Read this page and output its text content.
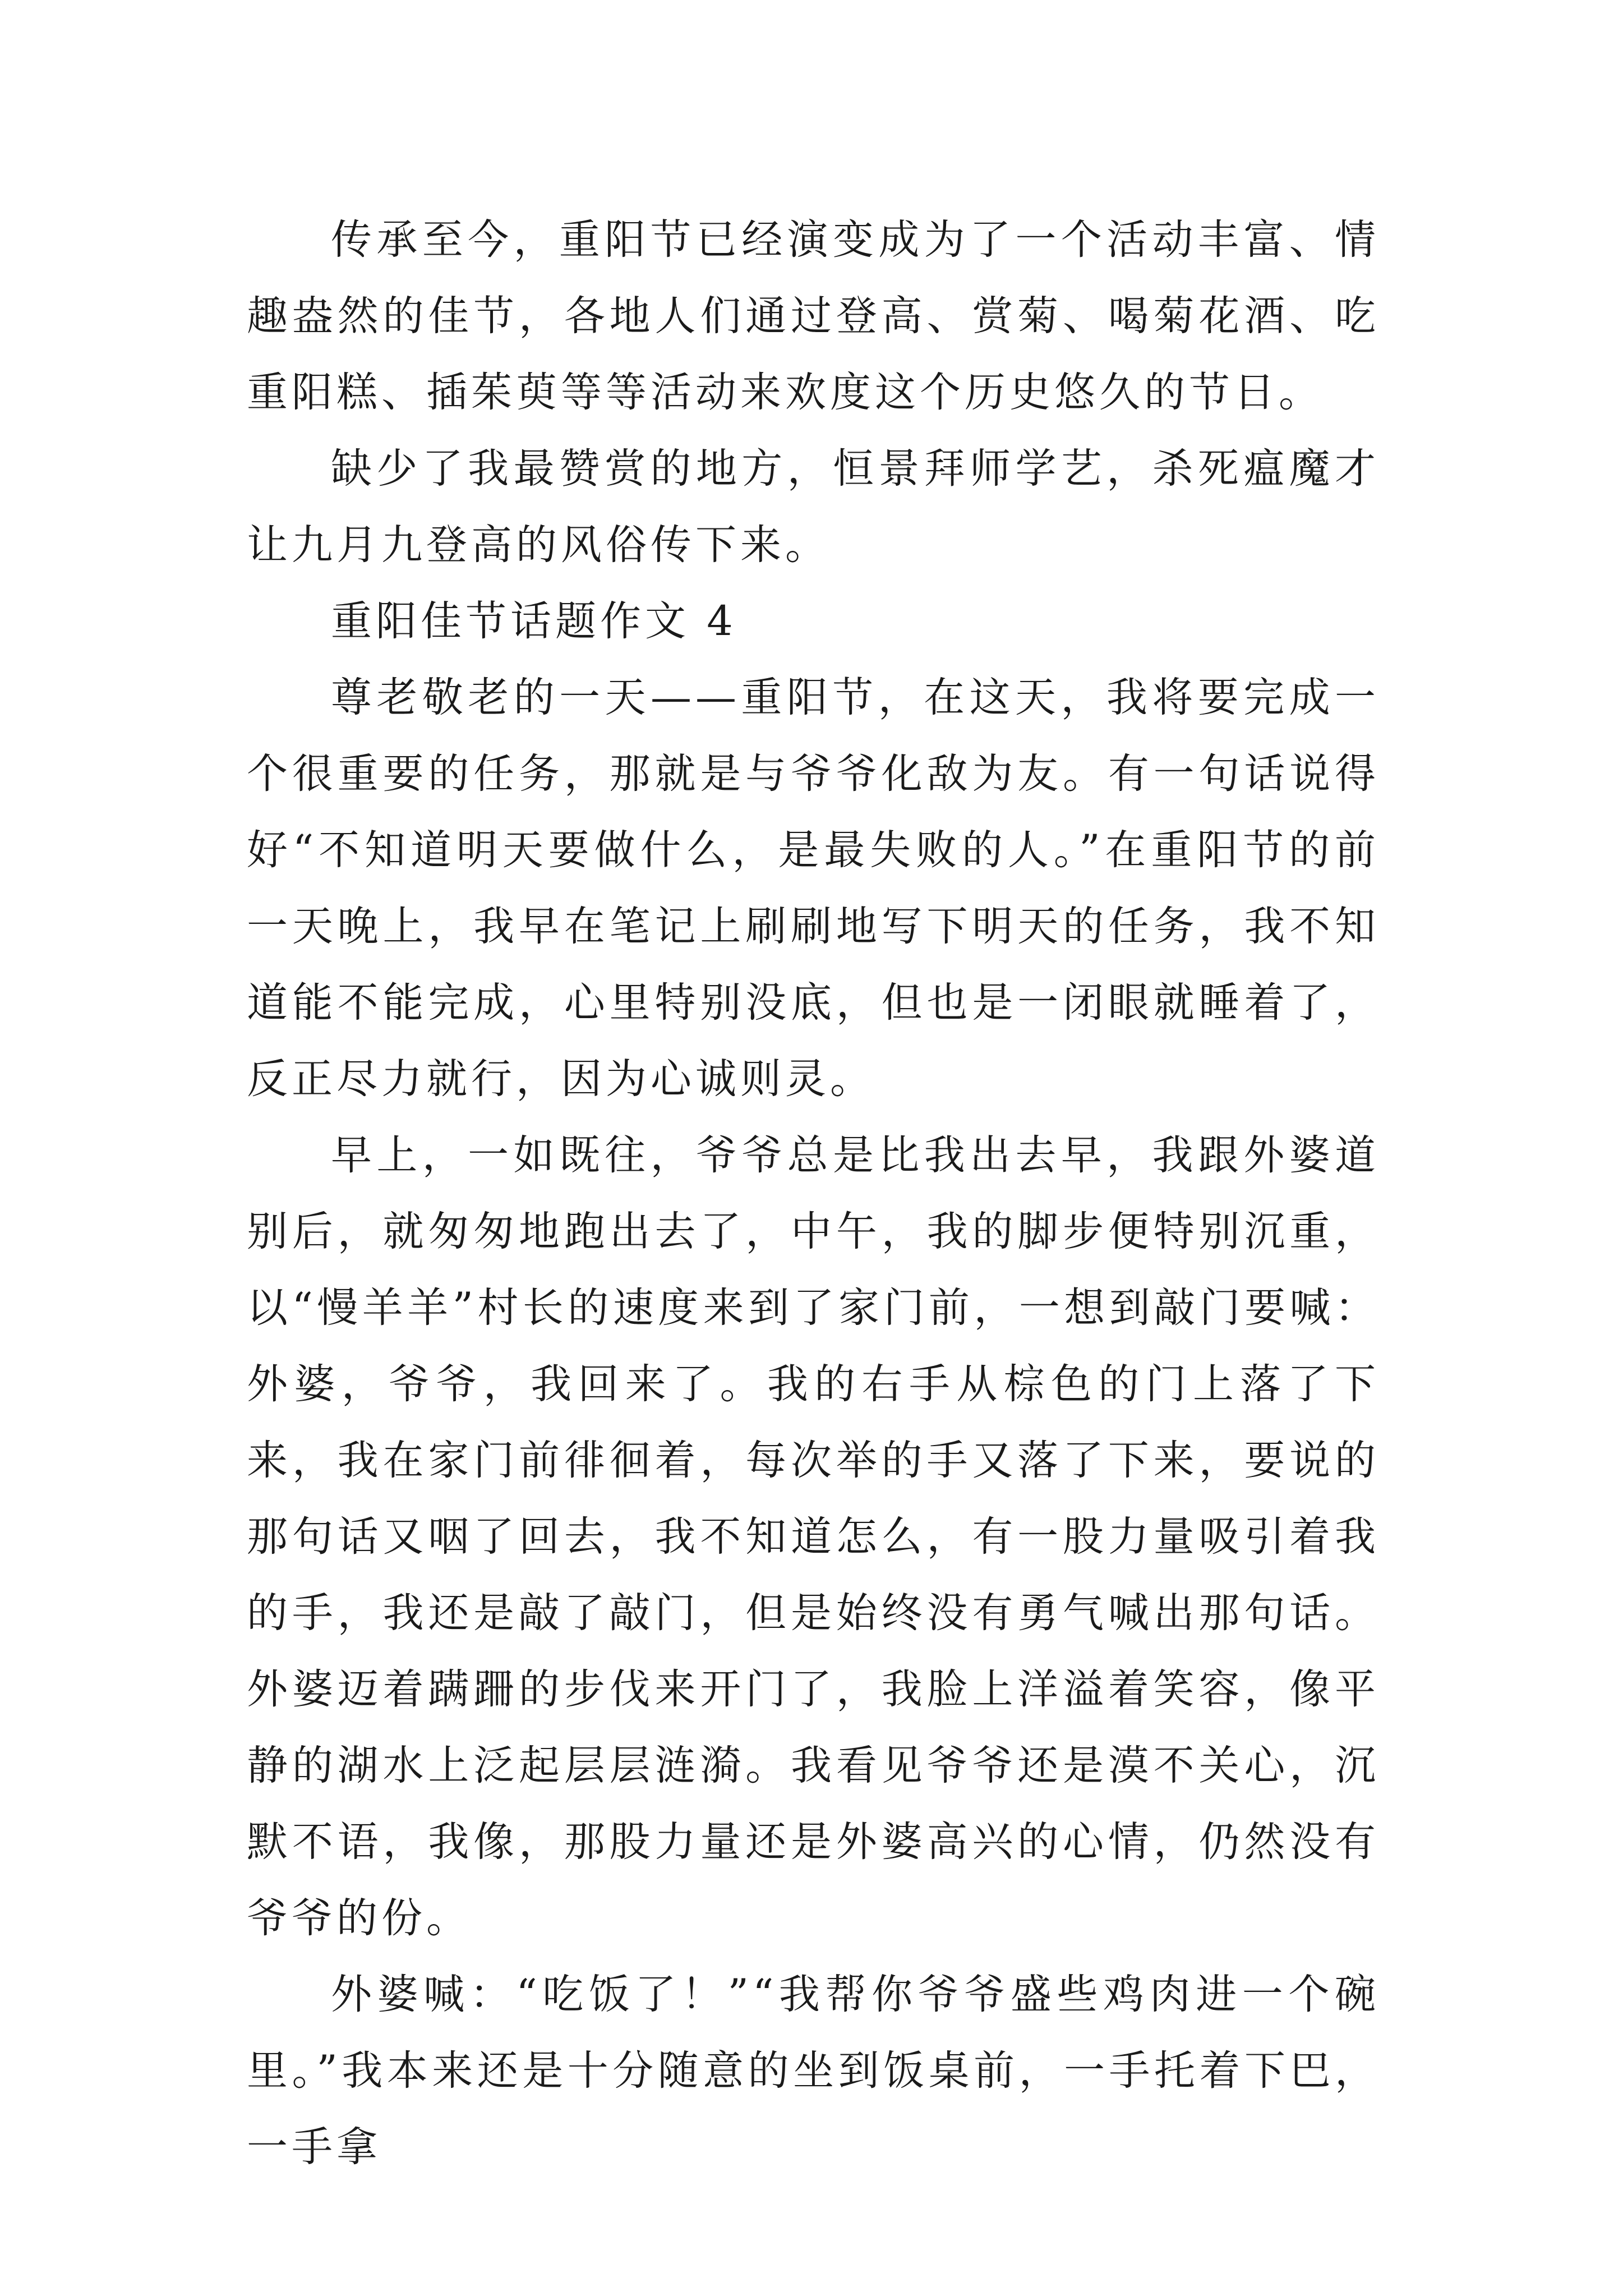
传承至今，重阳节已经演变成为了一个活动丰富、情趣盎然的佳节，各地人们通过登高、赏菊、喝菊花酒、吃重阳糕、插茱萸等等活动来欢度这个历史悠久的节日。

缺少了我最赞赏的地方，恒景拜师学艺，杀死瘟魔才让九月九登高的风俗传下来。

重阳佳节话题作文 4

尊老敬老的一天——重阳节，在这天，我将要完成一个很重要的任务，那就是与爷爷化敌为友。有一句话说得好“不知道明天要做什么，是最失败的人。”在重阳节的前一天晚上，我早在笔记上刷刷地写下明天的任务，我不知道能不能完成，心里特别没底，但也是一闭眼就睡着了，反正尽力就行，因为心诚则灵。

早上，一如既往，爷爷总是比我出去早，我跟外婆道别后，就匆匆地跑出去了，中午，我的脚步便特别沉重，以“慢羊羊”村长的速度来到了家门前，一想到敲门要喊：外婆，爷爷，我回来了。我的右手从棕色的门上落了下来，我在家门前徘徊着，每次举的手又落了下来，要说的那句话又咽了回去，我不知道怎么，有一股力量吸引着我的手，我还是敲了敲门，但是始终没有勇气喊出那句话。外婆迈着蹒跚的步伐来开门了，我脸上洋溢着笑容，像平静的湖水上泛起层层涟漪。我看见爷爷还是漠不关心，沉默不语，我像，那股力量还是外婆高兴的心情，仍然没有爷爷的份。

外婆喊：“吃饭了！”“我帮你爷爷盛些鸡肉进一个碗里。”我本来还是十分随意的坐到饭桌前，一手托着下巴，一手拿
